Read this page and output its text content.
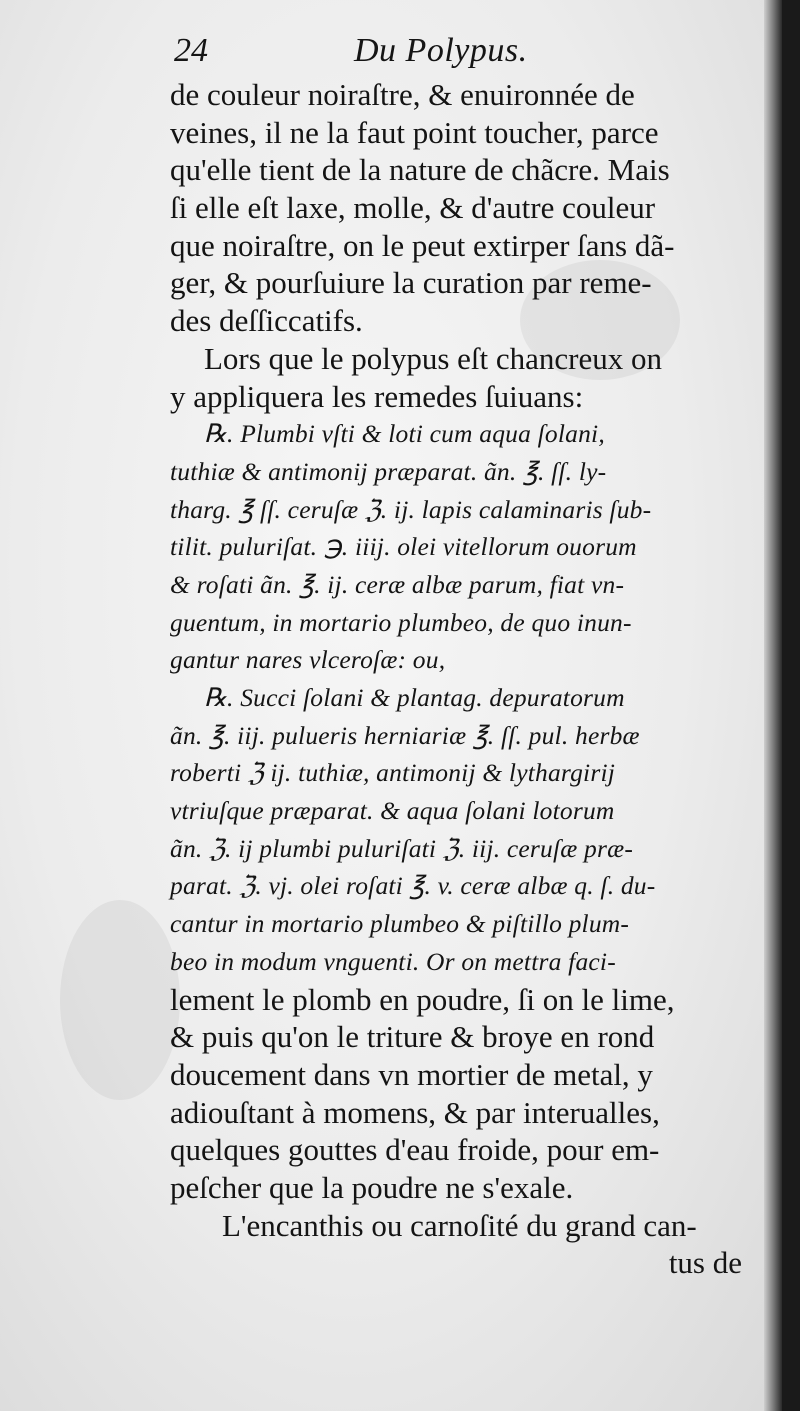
24	Du Polypus.
de couleur noiraſtre, & enuironnée de
veines, il ne la faut point toucher, parce
qu'elle tient de la nature de chãcre. Mais
ſi elle eſt laxe, molle, & d'autre couleur
que noiraſtre, on le peut extirper ſans dã-
ger, & pourſuiure la curation par reme-
des deſſiccatifs.
Lors que le polypus eſt chancreux on
y appliquera les remedes ſuiuans:
℞. Plumbi vſti & loti cum aqua ſolani,
tuthiæ & antimonij præparat. ãn. ℥. ſſ. ly-
tharg. ℥ ſſ. ceruſæ ℨ. ij. lapis calaminaris ſub-
tilit. puluriſat. ℈. iiij. olei vitellorum ouorum
& roſati ãn. ℥. ij. ceræ albæ parum, fiat vn-
guentum, in mortario plumbeo, de quo inun-
gantur nares vlceroſæ: ou,
℞. Succi ſolani & plantag. depuratorum
ãn. ℥. iij. pulueris herniariæ ℥. ſſ. pul. herbæ
roberti ℨ ij. tuthiæ, antimonij & lythargirij
vtriuſque præparat. & aqua ſolani lotorum
ãn. ℨ. ij plumbi puluriſati ℨ. iij. ceruſæ præ-
parat. ℨ. vj. olei roſati ℥. v. ceræ albæ q. ſ. du-
cantur in mortario plumbeo & piſtillo plum-
beo in modum vnguenti. Or on mettra faci-
lement le plomb en poudre, ſi on le lime,
& puis qu'on le triture & broye en rond
doucement dans vn mortier de metal, y
adiouſtant à momens, & par interualles,
quelques gouttes d'eau froide, pour em-
peſcher que la poudre ne s'exale.
L'encanthis ou carnoſité du grand can-
tus de
